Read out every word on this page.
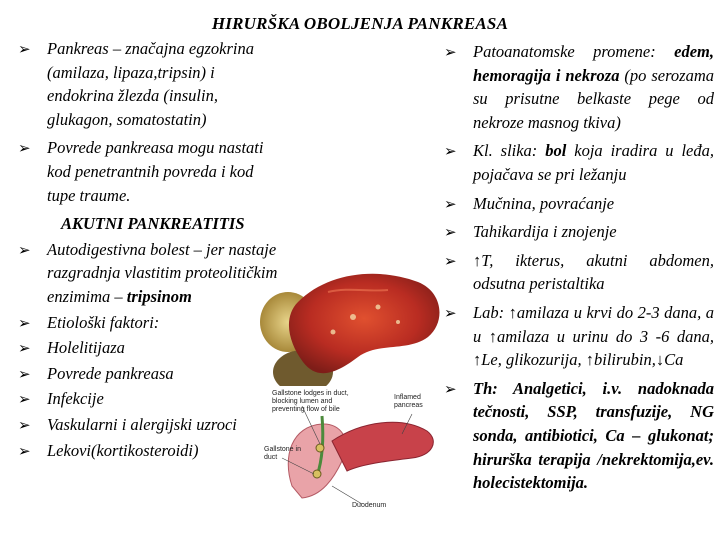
HIRURŠKA OBOLJENJA PANKREASA
➢ Pankreas – značajna egzokrina
(amilaza, lipaza,tripsin) i
endokrina žlezda (insulin,
glukagon, somatostatin)
➢ Povrede pankreasa mogu nastati
kod penetrantnih povreda i kod
tupe traume.
AKUTNI PANKREATITIS
➢ Autodigestivna bolest – jer nastaje
razgradnja vlastitim proteolitičkim
enzimima – tripsinom
➢ Etiološki faktori:
➢ Holelitijaza
➢ Povrede pankreasa
➢ Infekcije
➢ Vaskularni i alergijski uzroci
➢ Lekovi(kortikosteroidi)
Gallstone lodges in duct, blocking lumen and preventing flow of bile
Inflamed pancreas
Gallstone in duct
Duodenum
➢ Patoanatomske promene: edem, hemoragija i nekroza (po serozama su prisutne belkaste pege od nekroze masnog tkiva)
➢ Kl. slika: bol koja iradira u leđa, pojačava se pri ležanju
➢ Mučnina, povraćanje
➢ Tahikardija i znojenje
➢ ↑T, ikterus, akutni abdomen, odsutna peristaltika
➢ Lab: ↑amilaza u krvi do 2-3 dana, a u ↑amilaza u urinu do 3 -6 dana, ↑Le, glikozurija, ↑bilirubin,↓Ca
➢ Th: Analgetici, i.v. nadoknada tečnosti, SSP, transfuzije, NG sonda, antibiotici, Ca – glukonat; hirurška terapija /nekrektomija,ev. holecistektomija.
